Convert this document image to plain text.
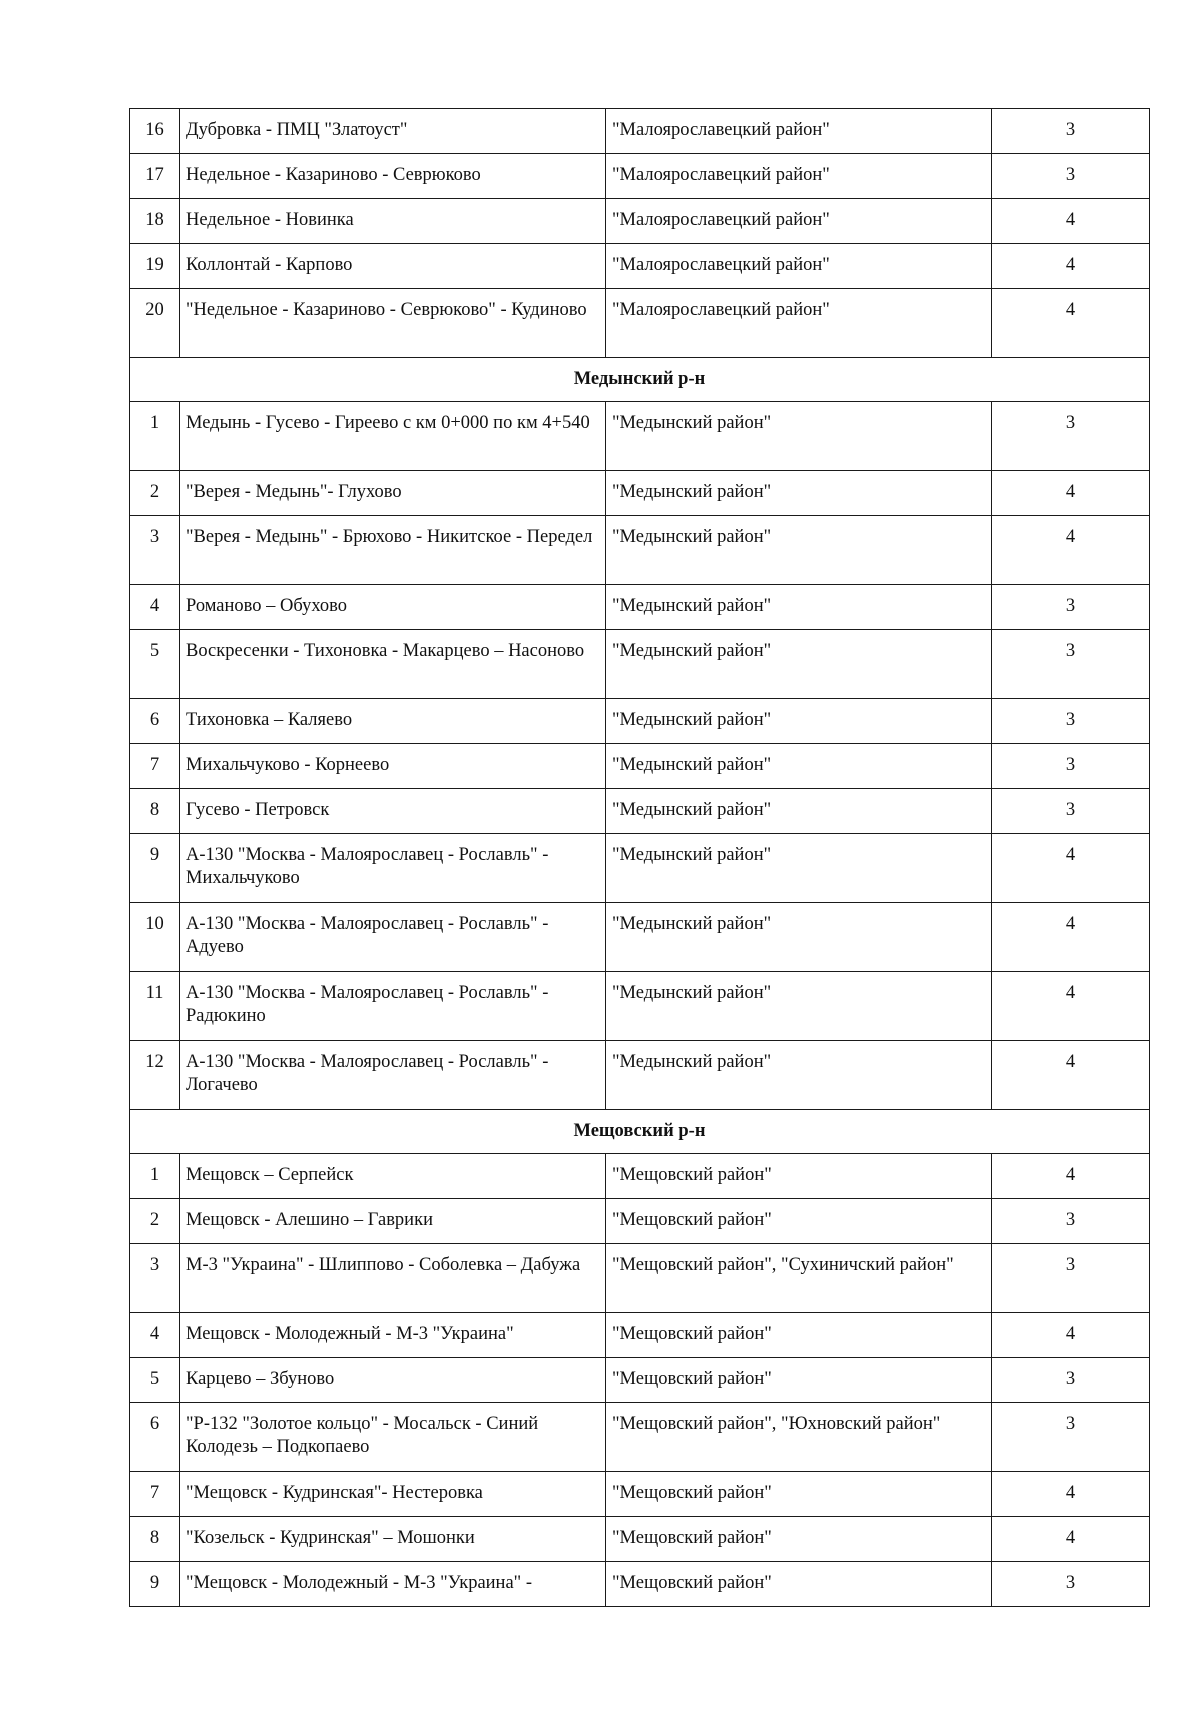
16	Дубровка - ПМЦ "Златоуст"	"Малоярославецкий район"	3
17	Недельное - Казариново - Севрюково	"Малоярославецкий район"	3
18	Недельное - Новинка	"Малоярославецкий район"	4
19	Коллонтай - Карпово	"Малоярославецкий район"	4
20	"Недельное - Казариново - Севрюково" - Кудиново	"Малоярославецкий район"	4
Медынский р-н			
1	Медынь - Гусево - Гиреево с км 0+000 по км 4+540	"Медынский район"	3
2	"Верея - Медынь"- Глухово	"Медынский район"	4
3	"Верея - Медынь" - Брюхово - Никитское - Передел	"Медынский район"	4
4	Романово – Обухово	"Медынский район"	3
5	Воскресенки - Тихоновка - Макарцево – Насоново	"Медынский район"	3
6	Тихоновка – Каляево	"Медынский район"	3
7	Михальчуково - Корнеево	"Медынский район"	3
8	Гусево - Петровск	"Медынский район"	3
9	А-130 "Москва - Малоярославец - Рославль" - Михальчуково	"Медынский район"	4
10	А-130 "Москва - Малоярославец - Рославль" - Адуево	"Медынский район"	4
11	А-130 "Москва - Малоярославец - Рославль" - Радюкино	"Медынский район"	4
12	А-130 "Москва - Малоярославец - Рославль" - Логачево	"Медынский район"	4
Мещовский р-н			
1	Мещовск – Серпейск	"Мещовский район"	4
2	Мещовск - Алешино – Гаврики	"Мещовский район"	3
3	М-3 "Украина" - Шлиппово - Соболевка – Дабужа	"Мещовский район", "Сухиничский район"	3
4	Мещовск - Молодежный - М-3 "Украина"	"Мещовский район"	4
5	Карцево – Збуново	"Мещовский район"	3
6	"Р-132 "Золотое кольцо" - Мосальск - Синий Колодезь – Подкопаево	"Мещовский район", "Юхновский район"	3
7	"Мещовск - Кудринская"- Нестеровка	"Мещовский район"	4
8	"Козельск - Кудринская" – Мошонки	"Мещовский район"	4
9	"Мещовск - Молодежный - М-3 "Украина" -	"Мещовский район"	3
